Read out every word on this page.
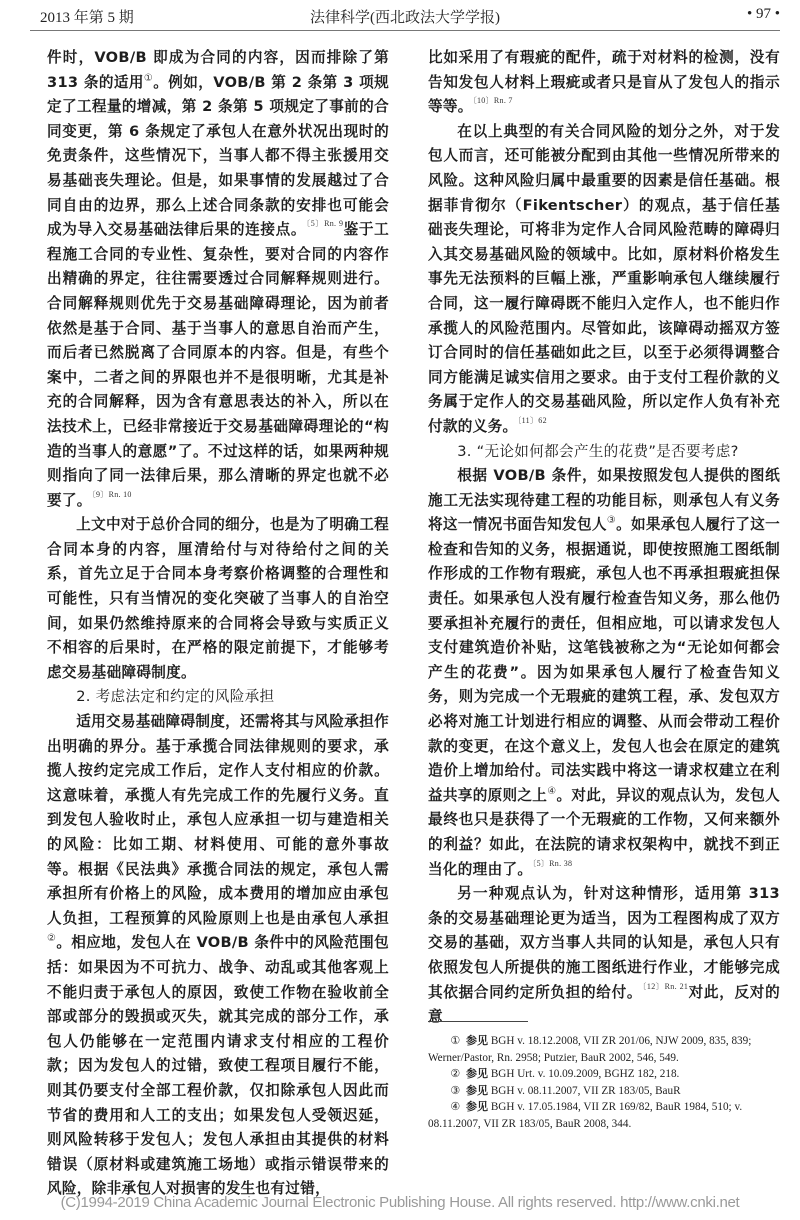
2013 年第 5 期	法律科学(西北政法大学学报)	• 97 •

件时，VOB/B 即成为合同的内容，因而排除了第 313 条的适用①。例如，VOB/B 第 2 条第 3 项规定了工程量的增减，第 2 条第 5 项规定了事前的合同变更，第 6 条规定了承包人在意外状况出现时的免责条件，这些情况下，当事人都不得主张援用交易基础丧失理论。但是，如果事情的发展越过了合同自由的边界，那么上述合同条款的安排也可能会成为导入交易基础法律后果的连接点。$^{〔5〕Rn. 9}$鉴于工程施工合同的专业性、复杂性，要对合同的内容作出精确的界定，往往需要透过合同解释规则进行。合同解释规则优先于交易基础障碍理论，因为前者依然是基于合同、基于当事人的意思自治而产生，而后者已然脱离了合同原本的内容。但是，有些个案中，二者之间的界限也并不是很明晰，尤其是补充的合同解释，因为含有意思表达的补入，所以在法技术上，已经非常接近于交易基础障碍理论的“构造的当事人的意愿”了。不过这样的话，如果两种规则指向了同一法律后果，那么清晰的界定也就不必要了。$^{〔9〕Rn. 10}$

上文中对于总价合同的细分，也是为了明确工程合同本身的内容，厘清给付与对待给付之间的关系，首先立足于合同本身考察价格调整的合理性和可能性，只有当情况的变化突破了当事人的自治空间，如果仍然维持原来的合同将会导致与实质正义不相容的后果时，在严格的限定前提下，才能够考虑交易基础障碍制度。

2. 考虑法定和约定的风险承担

适用交易基础障碍制度，还需将其与风险承担作出明确的界分。基于承揽合同法律规则的要求，承揽人按约定完成工作后，定作人支付相应的价款。这意味着，承揽人有先完成工作的先履行义务。直到发包人验收时止，承包人应承担一切与建造相关的风险：比如工期、材料使用、可能的意外事故等。根据《民法典》承揽合同法的规定，承包人需承担所有价格上的风险，成本费用的增加应由承包人负担，工程预算的风险原则上也是由承包人承担②。相应地，发包人在 VOB/B 条件中的风险范围包括：如果因为不可抗力、战争、动乱或其他客观上不能归责于承包人的原因，致使工作物在验收前全部或部分的毁损或灭失，就其完成的部分工作，承包人仍能够在一定范围内请求支付相应的工程价款；因为发包人的过错，致使工程项目履行不能，则其仍要支付全部工程价款，仅扣除承包人因此而节省的费用和人工的支出；如果发包人受领迟延，则风险转移于发包人；发包人承担由其提供的材料错误（原材料或建筑施工场地）或指示错误带来的风险，除非承包人对损害的发生也有过错，

比如采用了有瑕疵的配件，疏于对材料的检测，没有告知发包人材料上瑕疵或者只是盲从了发包人的指示等等。$^{〔10〕Rn. 7}$

在以上典型的有关合同风险的划分之外，对于发包人而言，还可能被分配到由其他一些情况所带来的风险。这种风险归属中最重要的因素是信任基础。根据菲肯彻尔（Fikentscher）的观点，基于信任基础丧失理论，可将非为定作人合同风险范畴的障碍归入其交易基础风险的领域中。比如，原材料价格发生事先无法预料的巨幅上涨，严重影响承包人继续履行合同，这一履行障碍既不能归入定作人，也不能归作承揽人的风险范围内。尽管如此，该障碍动摇双方签订合同时的信任基础如此之巨，以至于必须得调整合同方能满足诚实信用之要求。由于支付工程价款的义务属于定作人的交易基础风险，所以定作人负有补充付款的义务。$^{〔11〕62}$

3. “无论如何都会产生的花费”是否要考虑?

根据 VOB/B 条件，如果按照发包人提供的图纸施工无法实现待建工程的功能目标，则承包人有义务将这一情况书面告知发包人③。如果承包人履行了这一检查和告知的义务，根据通说，即使按照施工图纸制作形成的工作物有瑕疵，承包人也不再承担瑕疵担保责任。如果承包人没有履行检查告知义务，那么他仍要承担补充履行的责任，但相应地，可以请求发包人支付建筑造价补贴，这笔钱被称之为“无论如何都会产生的花费”。因为如果承包人履行了检查告知义务，则为完成一个无瑕疵的建筑工程，承、发包双方必将对施工计划进行相应的调整、从而会带动工程价款的变更，在这个意义上，发包人也会在原定的建筑造价上增加给付。司法实践中将这一请求权建立在利益共享的原则之上④。对此，异议的观点认为，发包人最终也只是获得了一个无瑕疵的工作物，又何来额外的利益？如此，在法院的请求权架构中，就找不到正当化的理由了。$^{〔5〕Rn. 38}$

另一种观点认为，针对这种情形，适用第 313 条的交易基础理论更为适当，因为工程图构成了双方交易的基础，双方当事人共同的认知是，承包人只有依照发包人所提供的施工图纸进行作业，才能够完成其依据合同约定所负担的给付。$^{〔12〕Rn. 21}$对此，反对的意

① 参见 BGH v. 18.12.2008, VII ZR 201/06, NJW 2009, 835, 839; Werner/Pastor, Rn. 2958; Putzier, BauR 2002, 546, 549.
② 参见 BGH Urt. v. 10.09.2009, BGHZ 182, 218.
③ 参见 BGH v. 08.11.2007, VII ZR 183/05, BauR
④ 参见 BGH v. 17.05.1984, VII ZR 169/82, BauR 1984, 510; v. 08.11.2007, VII ZR 183/05, BauR 2008, 344.
(C)1994-2019 China Academic Journal Electronic Publishing House. All rights reserved. http://www.cnki.net
